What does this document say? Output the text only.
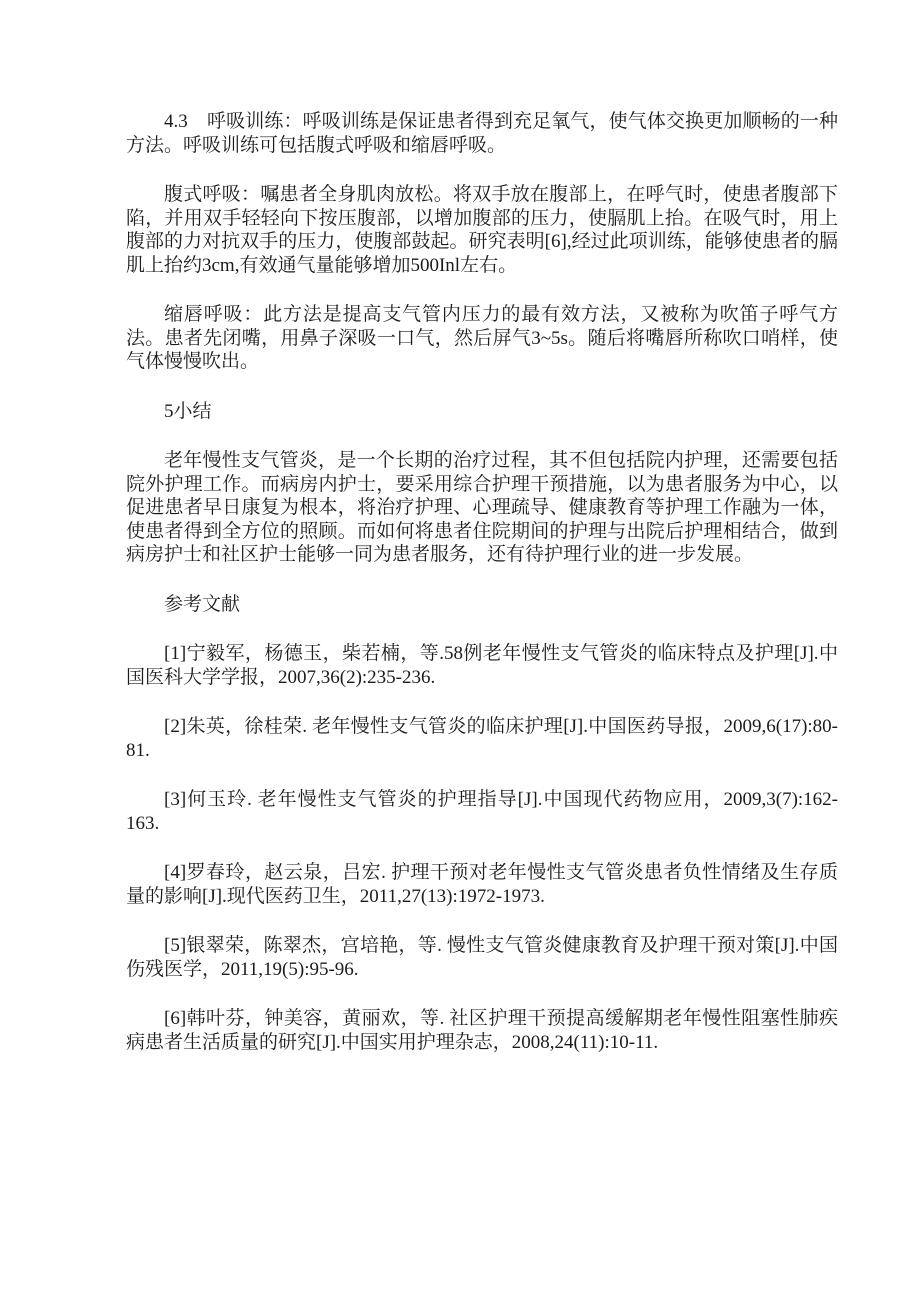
4.3　呼吸训练：呼吸训练是保证患者得到充足氧气，使气体交换更加顺畅的一种方法。呼吸训练可包括腹式呼吸和缩唇呼吸。

腹式呼吸：嘱患者全身肌肉放松。将双手放在腹部上，在呼气时，使患者腹部下陷，并用双手轻轻向下按压腹部，以增加腹部的压力，使膈肌上抬。在吸气时，用上腹部的力对抗双手的压力，使腹部鼓起。研究表明[6],经过此项训练，能够使患者的膈肌上抬约3cm,有效通气量能够增加500Inl左右。

缩唇呼吸：此方法是提高支气管内压力的最有效方法，又被称为吹笛子呼气方法。患者先闭嘴，用鼻子深吸一口气，然后屏气3~5s。随后将嘴唇所称吹口哨样，使气体慢慢吹出。

5小结

老年慢性支气管炎，是一个长期的治疗过程，其不但包括院内护理，还需要包括院外护理工作。而病房内护士，要采用综合护理干预措施，以为患者服务为中心，以促进患者早日康复为根本，将治疗护理、心理疏导、健康教育等护理工作融为一体，使患者得到全方位的照顾。而如何将患者住院期间的护理与出院后护理相结合，做到病房护士和社区护士能够一同为患者服务，还有待护理行业的进一步发展。

参考文献

[1]宁毅军，杨德玉，柴若楠，等.58例老年慢性支气管炎的临床特点及护理[J].中国医科大学学报，2007,36(2):235-236.

[2]朱英，徐桂荣. 老年慢性支气管炎的临床护理[J].中国医药导报，2009,6(17):80-81.

[3]何玉玲. 老年慢性支气管炎的护理指导[J].中国现代药物应用，2009,3(7):162-163.

[4]罗春玲，赵云泉，吕宏. 护理干预对老年慢性支气管炎患者负性情绪及生存质量的影响[J].现代医药卫生，2011,27(13):1972-1973.

[5]银翠荣，陈翠杰，宫培艳，等. 慢性支气管炎健康教育及护理干预对策[J].中国 伤残医学，2011,19(5):95-96.

[6]韩叶芬，钟美容，黄丽欢，等. 社区护理干预提高缓解期老年慢性阻塞性肺疾病患者生活质量的研究[J].中国实用护理杂志，2008,24(11):10-11.
